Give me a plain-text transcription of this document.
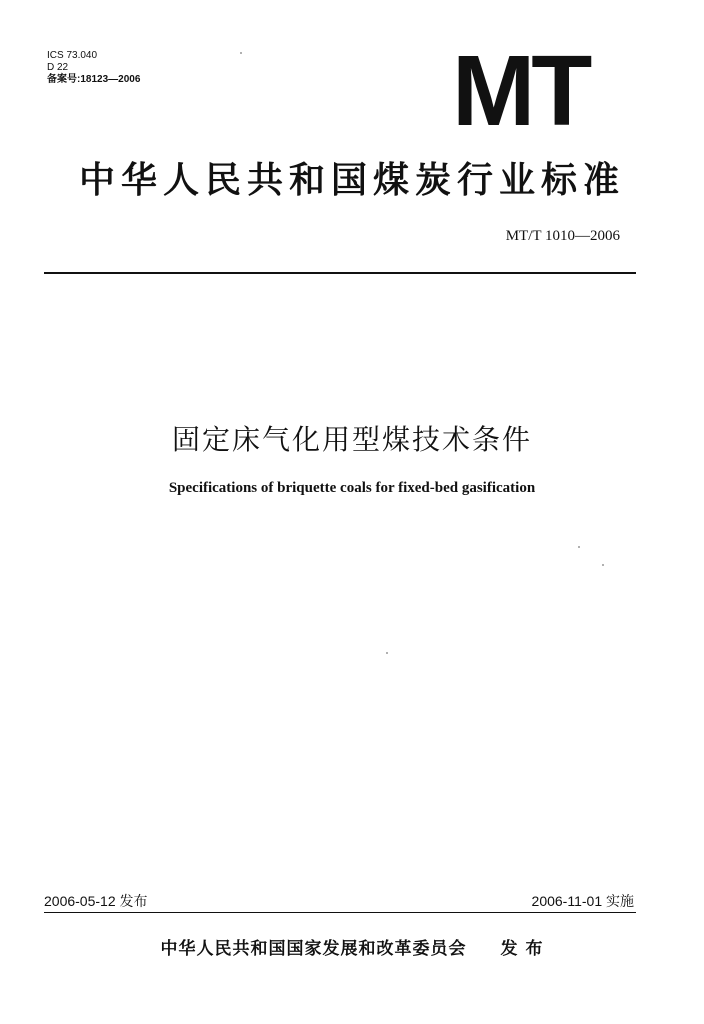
ICS 73.040
D 22
备案号:18123—2006	MT
中华人民共和国煤炭行业标准
MT/T 1010—2006
固定床气化用型煤技术条件
Specifications of briquette coals for fixed-bed gasification
2006-05-12 发布	2006-11-01 实施
中华人民共和国国家发展和改革委员会 发 布
